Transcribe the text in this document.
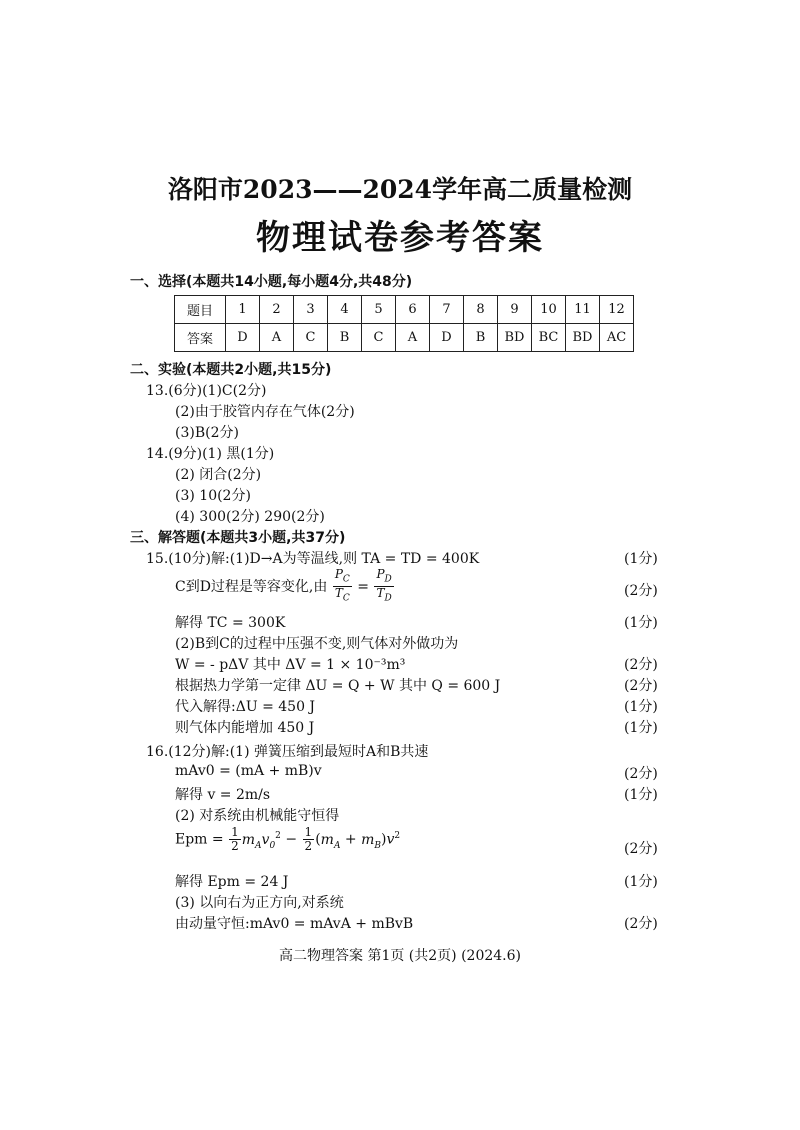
洛阳市2023——2024学年高二质量检测
物理试卷参考答案
一、选择(本题共14小题,每小题4分,共48分)
题目	1	2	3	4	5	6	7	8	9	10	11	12
答案	D	A	C	B	C	A	D	B	BD	BC	BD	AC
二、实验(本题共2小题,共15分)
13.(6分)(1)C(2分)
(2)由于胶管内存在气体(2分)
(3)B(2分)
14.(9分)(1) 黑(1分)
(2) 闭合(2分)
(3) 10(2分)
(4) 300(2分) 290(2分)
三、解答题(本题共3小题,共37分)
15.(10分)解:(1)D→A为等温线,则 TA = TD = 400K	(1分)
C到D过程是等容变化,由 $\frac{P_C}{T_C} = \frac{P_D}{T_D}$	(2分)
解得 TC = 300K	(1分)
(2)B到C的过程中压强不变,则气体对外做功为
W = - pΔV 其中 ΔV = 1 × 10⁻³m³	(2分)
根据热力学第一定律 ΔU = Q + W 其中 Q = 600 J	(2分)
代入解得:ΔU = 450 J	(1分)
则气体内能增加 450 J	(1分)
16.(12分)解:(1) 弹簧压缩到最短时A和B共速
mAv0 = (mA + mB)v	(2分)
解得 v = 2m/s	(1分)
(2) 对系统由机械能守恒得
Epm = $\frac{1}{2} m_Av_0^2 - \frac{1}{2} (m_A + m_B)v^2$
(2分)
解得 Epm = 24 J	(1分)
(3) 以向右为正方向,对系统
由动量守恒:mAv0 = mAvA + mBvB	(2分)
高二物理答案 第1页 (共2页) (2024.6)
